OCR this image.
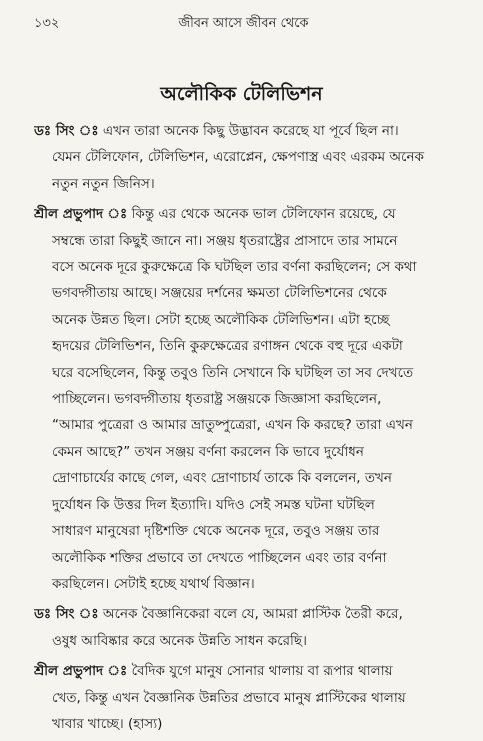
১৩২	জীবন আসে জীবন থেকে
অলৌকিক টেলিভিশন
ডঃ সিং ঃ এখন তারা অনেক কিছু উদ্ভাবন করেছে যা পূর্বে ছিল না।
যেমন টেলিফোন, টেলিভিশন, এরোপ্লেন, ক্ষেপণাস্ত্র এবং এরকম অনেক
নতুন নতুন জিনিস।
শ্রীল প্রভুপাদ ঃ কিন্তু এর থেকে অনেক ভাল টেলিফোন রয়েছে, যে
সম্বন্ধে তারা কিছুই জানে না। সঞ্জয় ধৃতরাষ্ট্রের প্রাসাদে তার সামনে
বসে অনেক দূরে কুরুক্ষেত্রে কি ঘটছিল তার বর্ণনা করছিলেন; সে কথা
ভগবদ্গীতায় আছে। সঞ্জয়ের দর্শনের ক্ষমতা টেলিভিশনের থেকে
অনেক উন্নত ছিল। সেটা হচ্ছে অলৌকিক টেলিভিশন। এটা হচ্ছে
হৃদয়ের টেলিভিশন, তিনি কুরুক্ষেত্রের রণাঙ্গন থেকে বহু দূরে একটা
ঘরে বসেছিলেন, কিন্তু তবুও তিনি সেখানে কি ঘটছিল তা সব দেখতে
পাচ্ছিলেন। ভগবদ্গীতায় ধৃতরাষ্ট্র সঞ্জয়কে জিজ্ঞাসা করছিলেন,
“আমার পুত্রেরা ও আমার ভ্রাতুষ্পুত্রেরা, এখন কি করছে? তারা এখন
কেমন আছে?” তখন সঞ্জয় বর্ণনা করলেন কি ভাবে দুর্যোধন
দ্রোণাচার্যের কাছে গেল, এবং দ্রোণাচার্য তাকে কি বললেন, তখন
দুর্যোধন কি উত্তর দিল ইত্যাদি। যদিও সেই সমস্ত ঘটনা ঘটছিল
সাধারণ মানুষেরা দৃষ্টিশক্তি থেকে অনেক দূরে, তবুও সঞ্জয় তার
অলৌকিক শক্তির প্রভাবে তা দেখতে পাচ্ছিলেন এবং তার বর্ণনা
করছিলেন। সেটাই হচ্ছে যথার্থ বিজ্ঞান।
ডঃ সিং ঃ অনেক বৈজ্ঞানিকেরা বলে যে, আমরা প্লাস্টিক তৈরী করে,
ওষুধ আবিষ্কার করে অনেক উন্নতি সাধন করেছি।
শ্রীল প্রভুপাদ ঃ বৈদিক যুগে মানুষ সোনার থালায় বা রূপার থালায়
খেত, কিন্তু এখন বৈজ্ঞানিক উন্নতির প্রভাবে মানুষ প্লাস্টিকের থালায়
খাবার খাচ্ছে। (হাস্য)
